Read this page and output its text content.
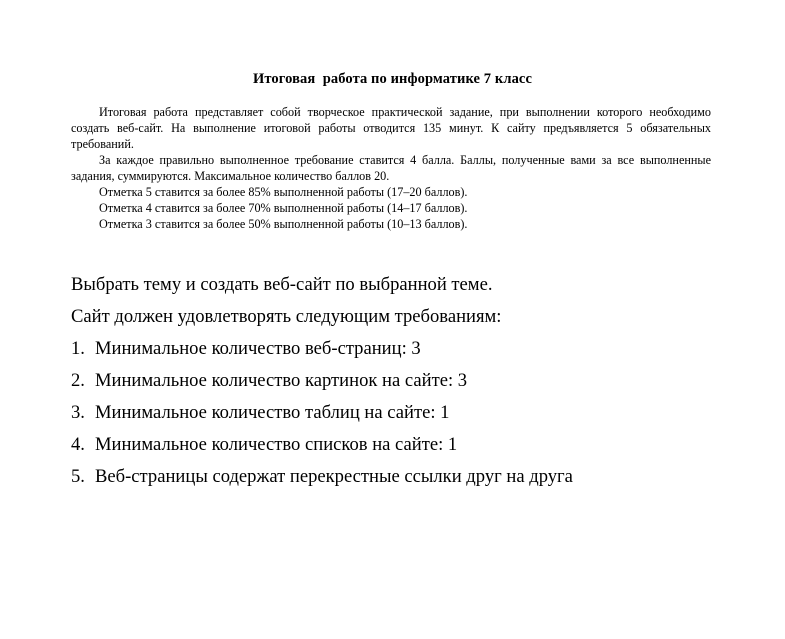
Итоговая  работа по информатике 7 класс

Итоговая работа представляет собой творческое практической задание, при выполнении которого необходимо создать веб-сайт. На выполнение итоговой работы отводится 135 минут. К сайту предъявляется 5 обязательных требований.

За каждое правильно выполненное требование ставится 4 балла. Баллы, полученные вами за все выполненные задания, суммируются. Максимальное количество баллов 20.

Отметка 5 ставится за более 85% выполненной работы (17–20 баллов).

Отметка 4 ставится за более 70% выполненной работы (14–17 баллов).

Отметка 3 ставится за более 50% выполненной работы (10–13 баллов).

Выбрать тему и создать веб-сайт по выбранной теме.
Сайт должен удовлетворять следующим требованиям:
1. Минимальное количество веб-страниц: 3
2. Минимальное количество картинок на сайте: 3
3. Минимальное количество таблиц на сайте: 1
4. Минимальное количество списков на сайте: 1
5. Веб-страницы содержат перекрестные ссылки друг на друга
